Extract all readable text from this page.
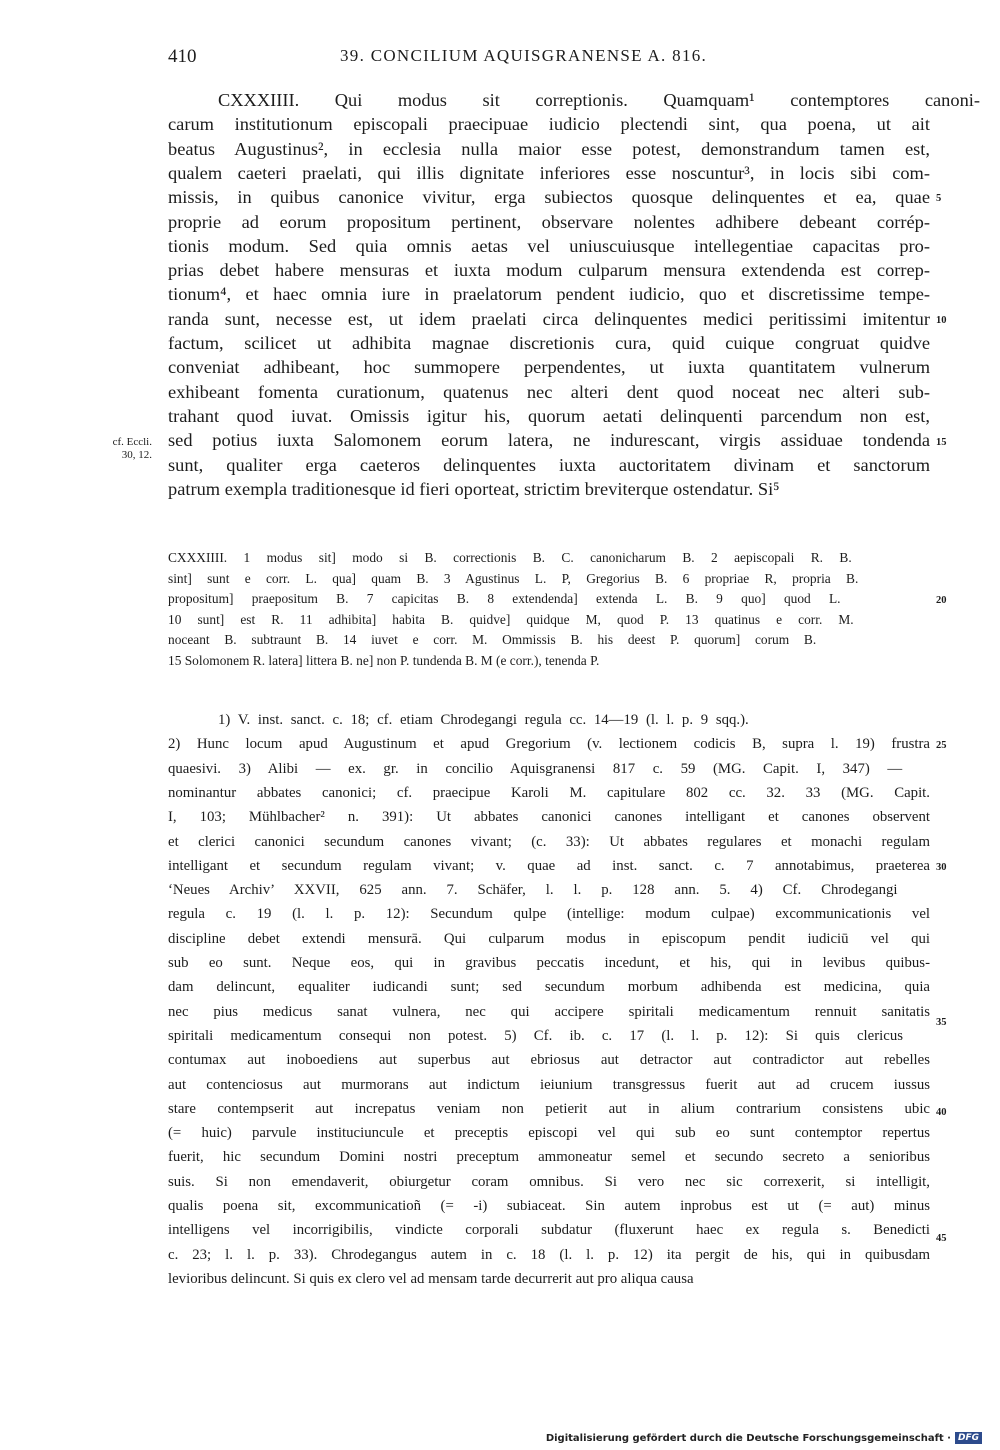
410	39. CONCILIUM AQUISGRANENSE A. 816.
CXXXIIII. Qui modus sit correptionis. Quamquam¹ contemptores canoni-
carum institutionum episcopali praecipuae iudicio plectendi sint, qua poena, ut ait
beatus Augustinus², in ecclesia nulla maior esse potest, demonstrandum tamen est,
qualem caeteri praelati, qui illis dignitate inferiores esse noscuntur³, in locis sibi com-
missis, in quibus canonice vivitur, erga subiectos quosque delinquentes et ea, quae
proprie ad eorum propositum pertinent, observare nolentes adhibere debeant corrép-
tionis modum. Sed quia omnis aetas vel uniuscuiusque intellegentiae capacitas pro-
prias debet habere mensuras et iuxta modum culparum mensura extendenda est correp-
tionum⁴, et haec omnia iure in praelatorum pendent iudicio, quo et discretissime tempe-
randa sunt, necesse est, ut idem praelati circa delinquentes medici peritissimi imitentur
factum, scilicet ut adhibita magnae discretionis cura, quid cuique congruat quidve
conveniat adhibeant, hoc summopere perpendentes, ut iuxta quantitatem vulnerum
exhibeant fomenta curationum, quatenus nec alteri dent quod noceat nec alteri sub-
trahant quod iuvat. Omissis igitur his, quorum aetati delinquenti parcendum non est,
sed potius iuxta Salomonem eorum latera, ne indurescant, virgis assiduae tondenda
sunt, qualiter erga caeteros delinquentes iuxta auctoritatem divinam et sanctorum
patrum exempla traditionesque id fieri oporteat, strictim breviterque ostendatur. Si⁵
5
10
15
cf. Eccli.
30, 12.
CXXXIIII. 1 modus sit] modo si B. correctionis B. C. canonicharum B. 2 aepiscopali R. B.
sint] sunt e corr. L. qua] quam B. 3 Agustinus L. P, Gregorius B. 6 propriae R, propria B.
propositum] praepositum B. 7 capicitas B. 8 extendenda] extenda L. B. 9 quo] quod L.
10 sunt] est R. 11 adhibita] habita B. quidve] quidque M, quod P. 13 quatinus e corr. M.
noceant B. subtraunt B. 14 iuvet e corr. M. Ommissis B. his deest P. quorum] corum B.
15 Solomonem R. latera] littera B. ne] non P. tundenda B. M (e corr.), tenenda P.
20
1) V. inst. sanct. c. 18; cf. etiam Chrodegangi regula cc. 14—19 (l. l. p. 9 sqq.).
2) Hunc locum apud Augustinum et apud Gregorium (v. lectionem codicis B, supra l. 19) frustra
quaesivi. 3) Alibi — ex. gr. in concilio Aquisgranensi 817 c. 59 (MG. Capit. I, 347) —
nominantur abbates canonici; cf. praecipue Karoli M. capitulare 802 cc. 32. 33 (MG. Capit.
I, 103; Mühlbacher² n. 391): Ut abbates canonici canones intelligant et canones observent
et clerici canonici secundum canones vivant; (c. 33): Ut abbates regulares et monachi regulam
intelligant et secundum regulam vivant; v. quae ad inst. sanct. c. 7 annotabimus, praeterea
‘Neues Archiv’ XXVII, 625 ann. 7. Schäfer, l. l. p. 128 ann. 5. 4) Cf. Chrodegangi
regula c. 19 (l. l. p. 12): Secundum qulpe (intellige: modum culpae) excommunicationis vel
discipline debet extendi mensurā. Qui culparum modus in episcopum pendit iudiciū vel qui
sub eo sunt. Neque eos, qui in gravibus peccatis incedunt, et his, qui in levibus quibus-
dam delincunt, equaliter iudicandi sunt; sed secundum morbum adhibenda est medicina, quia
nec pius medicus sanat vulnera, nec qui accipere spiritali medicamentum rennuit sanitatis
spiritali medicamentum consequi non potest. 5) Cf. ib. c. 17 (l. l. p. 12): Si quis clericus
contumax aut inoboediens aut superbus aut ebriosus aut detractor aut contradictor aut rebelles
aut contenciosus aut murmorans aut indictum ieiunium transgressus fuerit aut ad crucem iussus
stare contempserit aut increpatus veniam non petierit aut in alium contrarium consistens ubic
(= huic) parvule instituciuncule et preceptis episcopi vel qui sub eo sunt contemptor repertus
fuerit, hic secundum Domini nostri preceptum ammoneatur semel et secundo secreto a senioribus
suis. Si non emendaverit, obiurgetur coram omnibus. Si vero nec sic correxerit, si intelligit,
qualis poena sit, excommunicatioñ (= -i) subiaceat. Sin autem inprobus est ut (= aut) minus
intelligens vel incorrigibilis, vindicte corporali subdatur (fluxerunt haec ex regula s. Benedicti
c. 23; l. l. p. 33). Chrodegangus autem in c. 18 (l. l. p. 12) ita pergit de his, qui in quibusdam
levioribus delincunt. Si quis ex clero vel ad mensam tarde decurrerit aut pro aliqua causa
25
30
35
40
45
Digitalisierung gefördert durch die Deutsche Forschungsgemeinschaft · DFG
